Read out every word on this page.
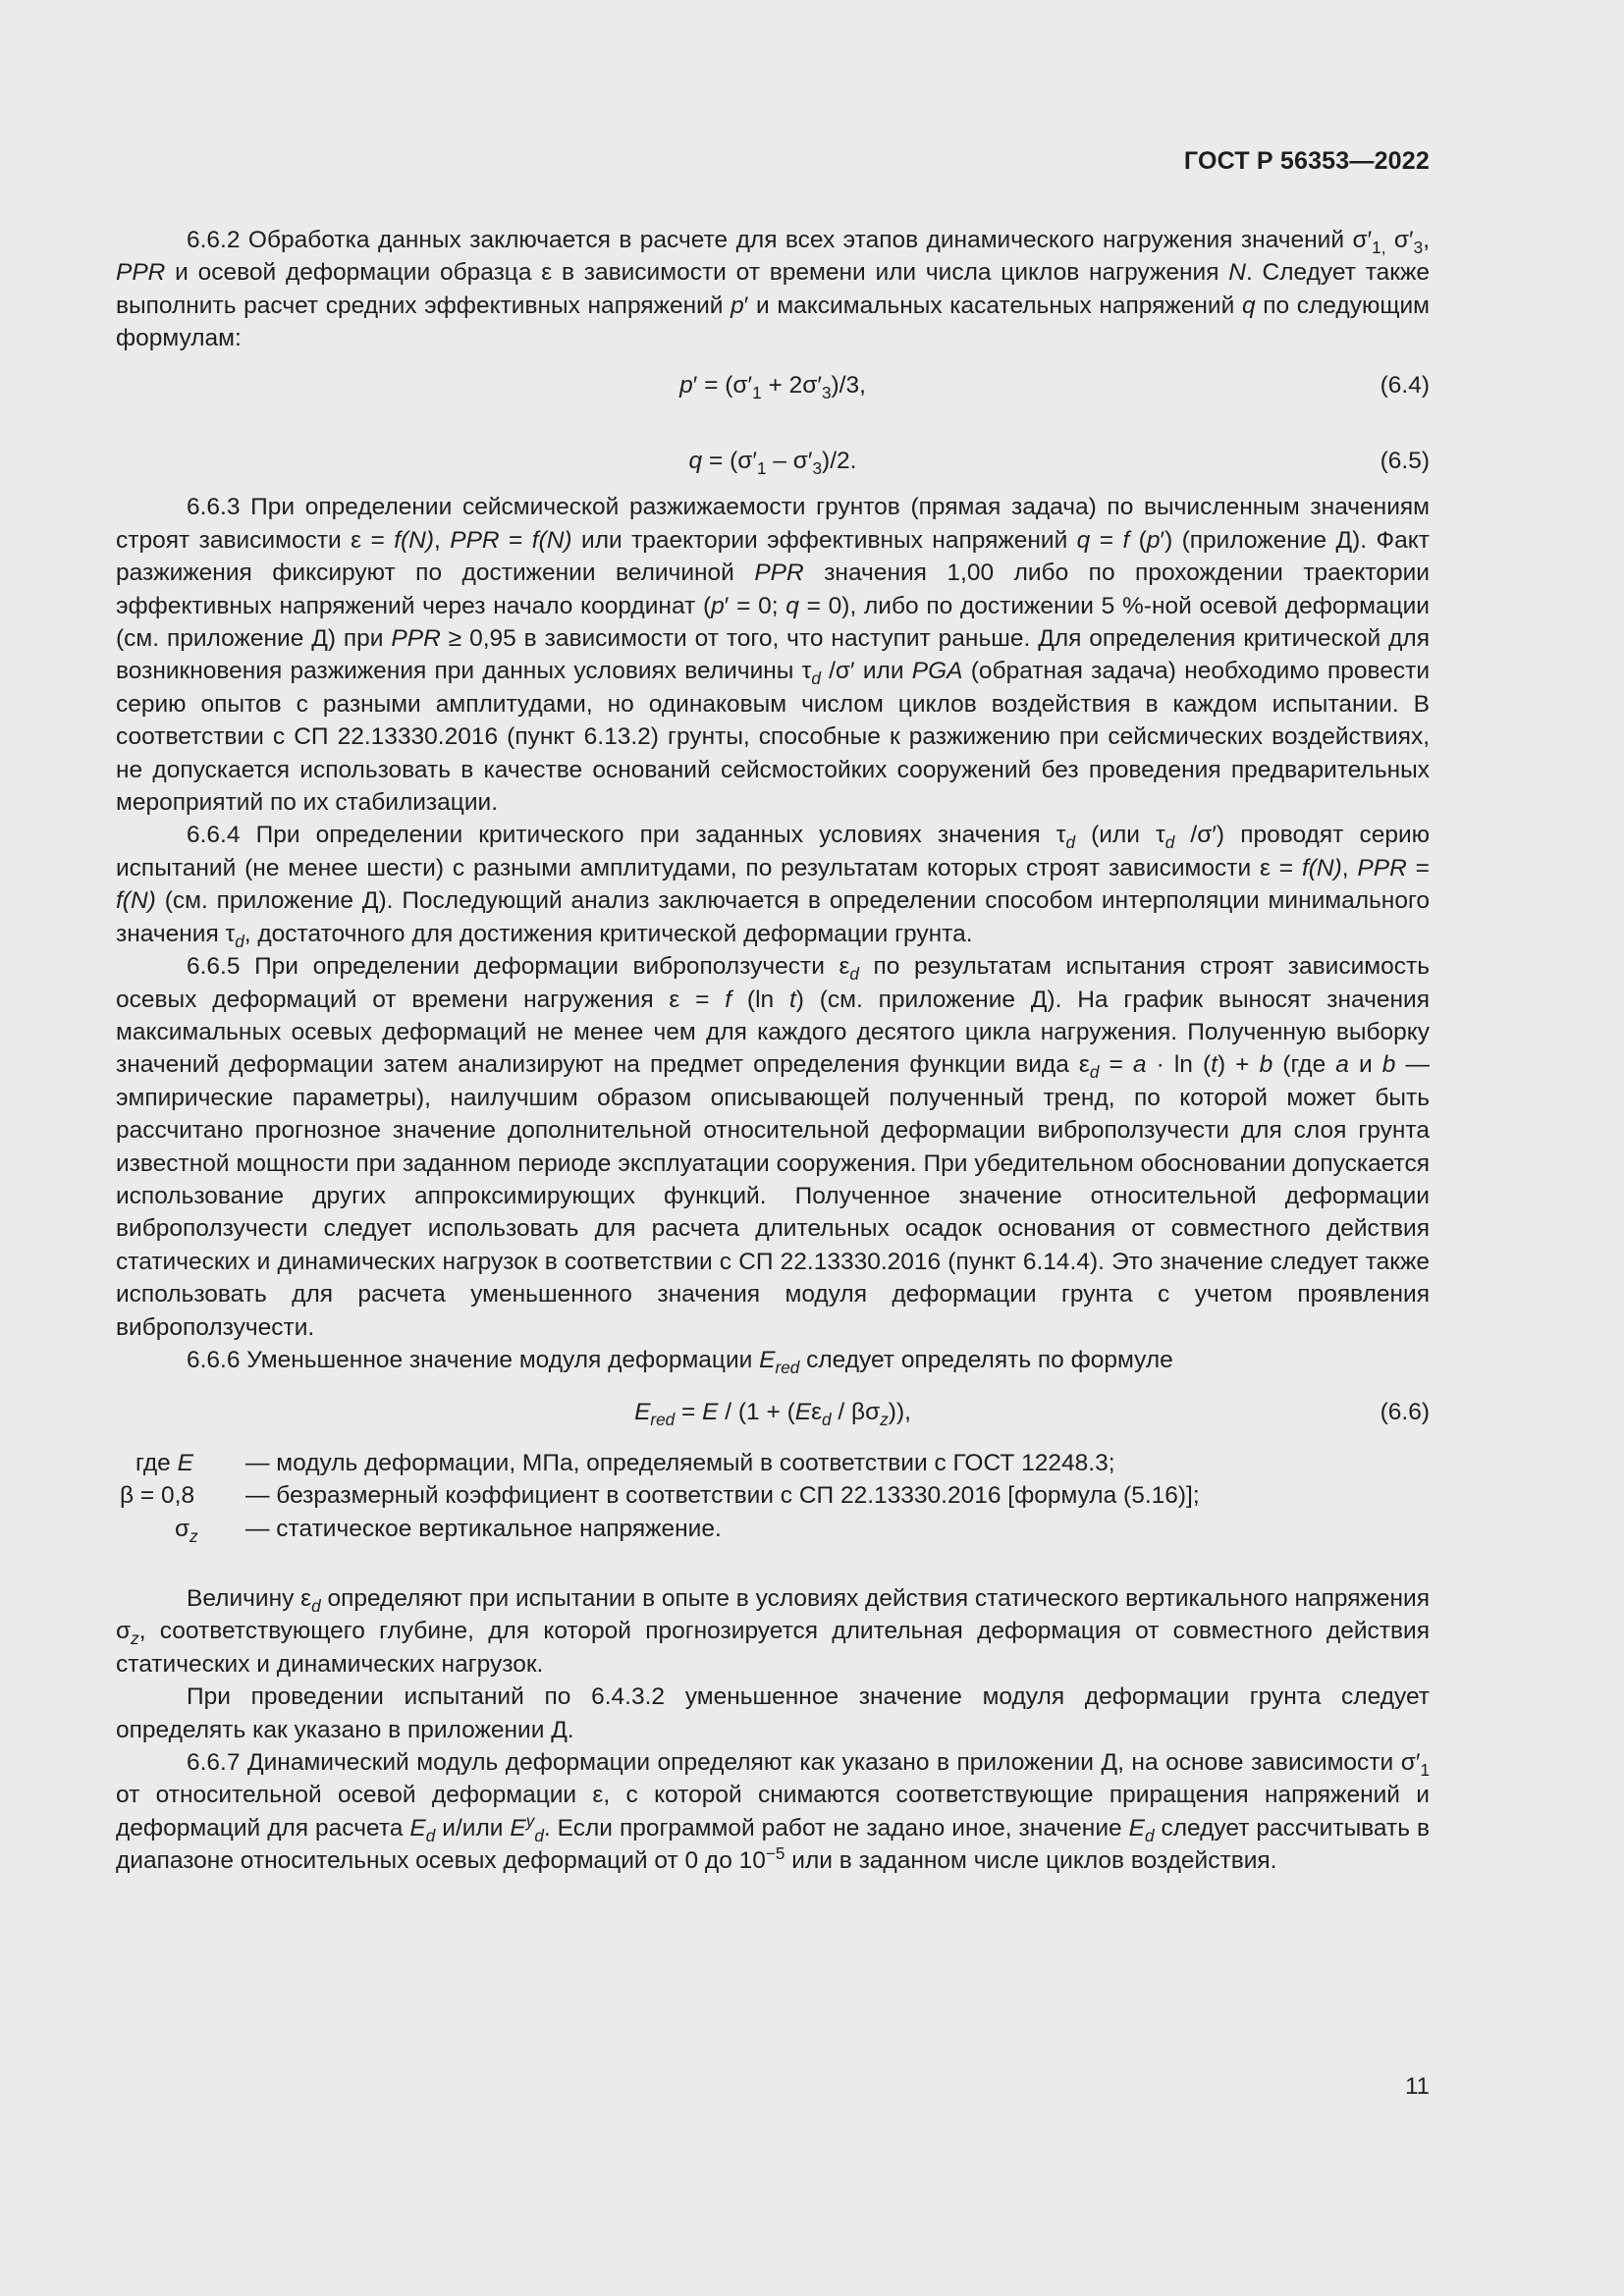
ГОСТ Р 56353—2022

6.6.2 Обработка данных заключается в расчете для всех этапов динамического нагружения значений $\sigma'_{1,}$ $\sigma'_3$, PPR и осевой деформации образца ε в зависимости от времени или числа циклов нагружения N. Следует также выполнить расчет средних эффективных напряжений p′ и максимальных касательных напряжений q по следующим формулам:

$p' = (\sigma'_1 + 2\sigma'_3)/3$,	(6.4)
$q = (\sigma'_1 - \sigma'_3)/2$.	(6.5)

6.6.3 При определении сейсмической разжижаемости грунтов (прямая задача) по вычисленным значениям строят зависимости ε = f(N), PPR = f(N) или траектории эффективных напряжений q = f (p′) (приложение Д). Факт разжижения фиксируют по достижении величиной PPR значения 1,00 либо по прохождении траектории эффективных напряжений через начало координат (p′ = 0; q = 0), либо по достижении 5 %-ной осевой деформации (см. приложение Д) при PPR ≥ 0,95 в зависимости от того, что наступит раньше. Для определения критической для возникновения разжижения при данных условиях величины $\tau_d$ /σ′ или PGA (обратная задача) необходимо провести серию опытов с разными амплитудами, но одинаковым числом циклов воздействия в каждом испытании. В соответствии с СП 22.13330.2016 (пункт 6.13.2) грунты, способные к разжижению при сейсмических воздействиях, не допускается использовать в качестве оснований сейсмостойких сооружений без проведения предварительных мероприятий по их стабилизации.

6.6.4 При определении критического при заданных условиях значения $\tau_d$ (или $\tau_d$ /σ′) проводят серию испытаний (не менее шести) с разными амплитудами, по результатам которых строят зависимости ε = f(N), PPR = f(N) (см. приложение Д). Последующий анализ заключается в определении способом интерполяции минимального значения $\tau_d$, достаточного для достижения критической деформации грунта.

6.6.5 При определении деформации виброползучести $\varepsilon_d$ по результатам испытания строят зависимость осевых деформаций от времени нагружения ε = f (ln t) (см. приложение Д). На график выносят значения максимальных осевых деформаций не менее чем для каждого десятого цикла нагружения. Полученную выборку значений деформации затем анализируют на предмет определения функции вида $\varepsilon_d = a \cdot \ln (t) + b$ (где a и b — эмпирические параметры), наилучшим образом описывающей полученный тренд, по которой может быть рассчитано прогнозное значение дополнительной относительной деформации виброползучести для слоя грунта известной мощности при заданном периоде эксплуатации сооружения. При убедительном обосновании допускается использование других аппроксимирующих функций. Полученное значение относительной деформации виброползучести следует использовать для расчета длительных осадок основания от совместного действия статических и динамических нагрузок в соответствии с СП 22.13330.2016 (пункт 6.14.4). Это значение следует также использовать для расчета уменьшенного значения модуля деформации грунта с учетом проявления виброползучести.

6.6.6 Уменьшенное значение модуля деформации $E_{red}$ следует определять по формуле

$E_{red} = E / (1 + (E\varepsilon_d / \beta\sigma_z))$,	(6.6)
где E	— модуль деформации, МПа, определяемый в соответствии с ГОСТ 12248.3;
β = 0,8	— безразмерный коэффициент в соответствии с СП 22.13330.2016 [формула (5.16)];
$\sigma_z$	— статическое вертикальное напряжение.

Величину $\varepsilon_d$ определяют при испытании в опыте в условиях действия статического вертикального напряжения $\sigma_z$, соответствующего глубине, для которой прогнозируется длительная деформация от совместного действия статических и динамических нагрузок.

При проведении испытаний по 6.4.3.2 уменьшенное значение модуля деформации грунта следует определять как указано в приложении Д.

6.6.7 Динамический модуль деформации определяют как указано в приложении Д, на основе зависимости $\sigma'_1$ от относительной осевой деформации ε, с которой снимаются соответствующие приращения напряжений и деформаций для расчета $E_d$ и/или $E^y_d$. Если программой работ не задано иное, значение $E_d$ следует рассчитывать в диапазоне относительных осевых деформаций от 0 до $10^{-5}$ или в заданном числе циклов воздействия.

11
